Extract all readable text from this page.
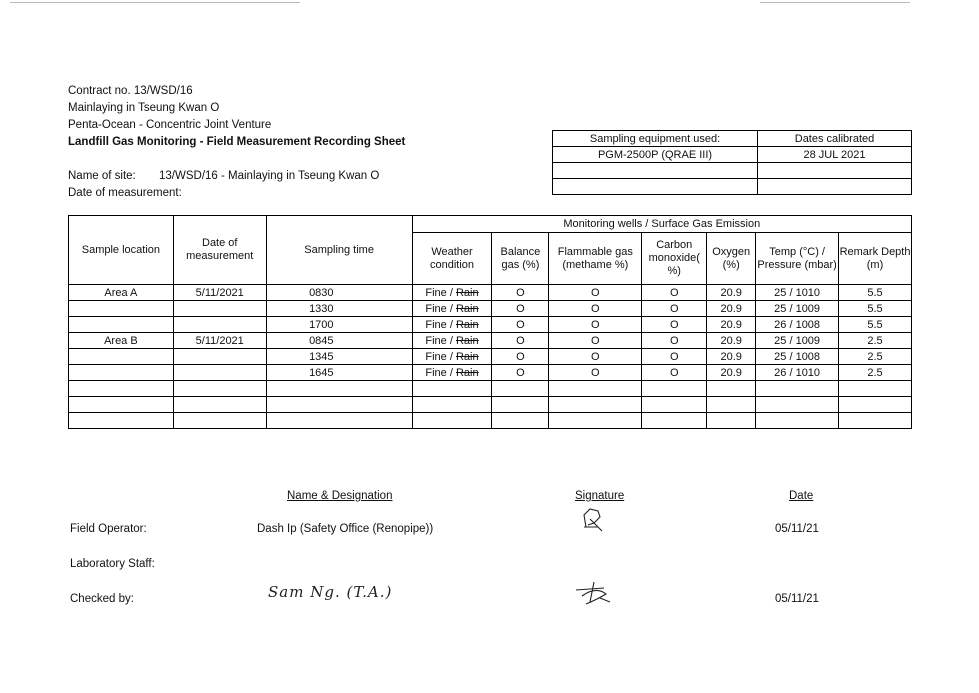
Contract no. 13/WSD/16
Mainlaying in Tseung Kwan O
Penta-Ocean - Concentric Joint Venture
Landfill Gas Monitoring - Field Measurement Recording Sheet
Name of site: 13/WSD/16 - Mainlaying in Tseung Kwan O
Date of measurement:
Sampling equipment used:	Dates calibrated
PGM-2500P (QRAE III)	28 JUL 2021

Sample location	Date of measurement	Sampling time	Monitoring wells / Surface Gas Emission						
			Weather condition	Balance gas (%)	Flammable gas (methame %)	Carbon monoxide( %)	Oxygen (%)	Temp (°C) / Pressure (mbar)	Remark Depth (m)
Area A	5/11/2021	0830	Fine / Rain	O	O	O	20.9	25 / 1010	5.5
		1330	Fine / Rain	O	O	O	20.9	25 / 1009	5.5
		1700	Fine / Rain	O	O	O	20.9	26 / 1008	5.5
Area B	5/11/2021	0845	Fine / Rain	O	O	O	20.9	25 / 1009	2.5
		1345	Fine / Rain	O	O	O	20.9	25 / 1008	2.5
		1645	Fine / Rain	O	O	O	20.9	26 / 1010	2.5

Name & Designation	Signature	Date
Field Operator:	Dash Ip (Safety Office (Renopipe))	05/11/21
Laboratory Staff:
Checked by:	Sam Ng. (T.A.)	05/11/21
